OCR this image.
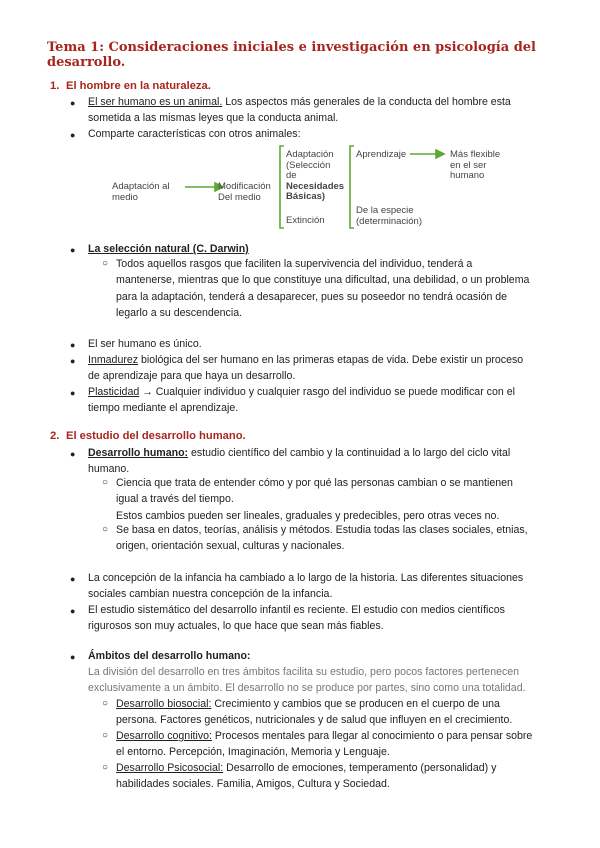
Tema 1: Consideraciones iniciales e investigación en psicología del desarrollo.
1. El hombre en la naturaleza.
● El ser humano es un animal. Los aspectos más generales de la conducta del hombre esta
sometida a las mismas leyes que la conducta animal.
● Comparte características con otros animales:
Adaptación al
medio
Modificación
Del medio
Adaptación
(Selección
de
Necesidades
Básicas)
Extinción
Aprendizaje
De la especie
(determinación)
Más flexible
en el ser
humano
● La selección natural (C. Darwin)
○ Todos aquellos rasgos que faciliten la supervivencia del individuo, tenderá a
mantenerse, mientras que lo que constituye una dificultad, una debilidad, o un problema
para la adaptación, tenderá a desaparecer, pues su poseedor no tendrá ocasión de
legarlo a su descendencia.
● El ser humano es único.
● Inmadurez biológica del ser humano en las primeras etapas de vida. Debe existir un proceso
de aprendizaje para que haya un desarrollo.
● Plasticidad → Cualquier individuo y cualquier rasgo del individuo se puede modificar con el
tiempo mediante el aprendizaje.
2. El estudio del desarrollo humano.
● Desarrollo humano: estudio científico del cambio y la continuidad a lo largo del ciclo vital
humano.
○ Ciencia que trata de entender cómo y por qué las personas cambian o se mantienen
igual a través del tiempo.
Estos cambios pueden ser lineales, graduales y predecibles, pero otras veces no.
○ Se basa en datos, teorías, análisis y métodos. Estudia todas las clases sociales, etnias,
origen, orientación sexual, culturas y nacionales.
● La concepción de la infancia ha cambiado a lo largo de la historia. Las diferentes situaciones
sociales cambian nuestra concepción de la infancia.
● El estudio sistemático del desarrollo infantil es reciente. El estudio con medios científicos
rigurosos son muy actuales, lo que hace que sean más fiables.
● Ámbitos del desarrollo humano:
La división del desarrollo en tres ámbitos facilita su estudio, pero pocos factores pertenecen
exclusivamente a un ámbito. El desarrollo no se produce por partes, sino como una totalidad.
○ Desarrollo biosocial: Crecimiento y cambios que se producen en el cuerpo de una
persona. Factores genéticos, nutricionales y de salud que influyen en el crecimiento.
○ Desarrollo cognitivo: Procesos mentales para llegar al conocimiento o para pensar sobre
el entorno. Percepción, Imaginación, Memoria y Lenguaje.
○ Desarrollo Psicosocial: Desarrollo de emociones, temperamento (personalidad) y
habilidades sociales. Familia, Amigos, Cultura y Sociedad.
